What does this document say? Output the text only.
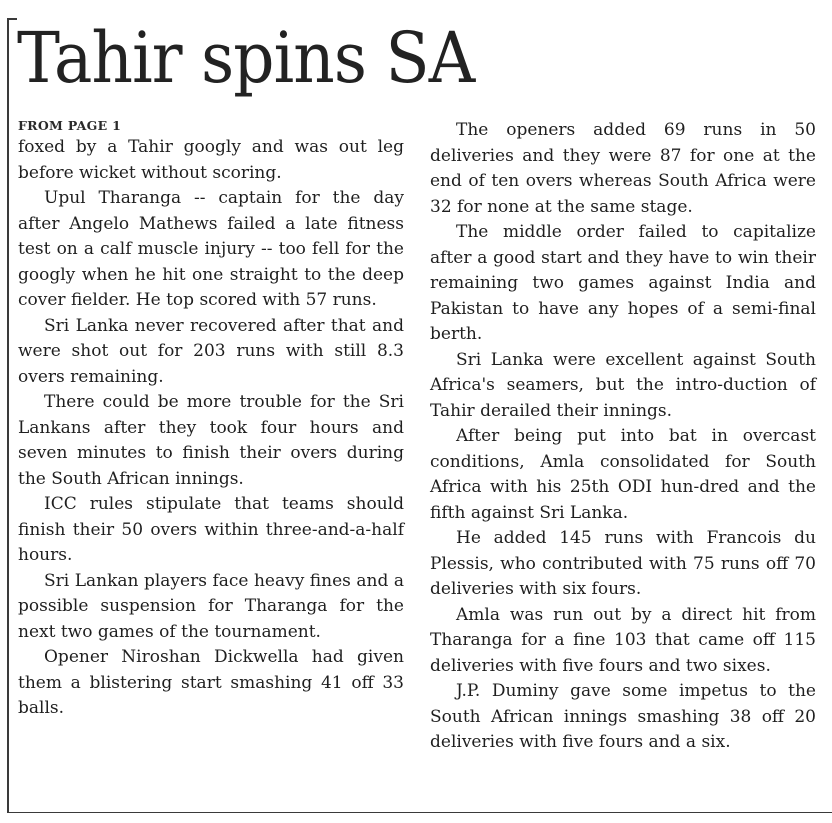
Tahir spins SA
FROM PAGE 1

foxed by a Tahir googly and was out leg before wicket without scoring.

Upul Tharanga -- captain for the day after Angelo Mathews failed a late fitness test on a calf muscle injury -- too fell for the googly when he hit one straight to the deep cover fielder. He top scored with 57 runs.

Sri Lanka never recovered after that and were shot out for 203 runs with still 8.3 overs remaining.

There could be more trouble for the Sri Lankans after they took four hours and seven minutes to finish their overs during the South African innings.

ICC rules stipulate that teams should finish their 50 overs within three-and-a-half hours.

Sri Lankan players face heavy fines and a possible suspension for Tharanga for the next two games of the tournament.

Opener Niroshan Dickwella had given them a blistering start smashing 41 off 33 balls.

The openers added 69 runs in 50 deliveries and they were 87 for one at the end of ten overs whereas South Africa were 32 for none at the same stage.

The middle order failed to capitalize after a good start and they have to win their remaining two games against India and Pakistan to have any hopes of a semi-final berth.

Sri Lanka were excellent against South Africa's seamers, but the intro-duction of Tahir derailed their innings.

After being put into bat in overcast conditions, Amla consolidated for South Africa with his 25th ODI hun-dred and the fifth against Sri Lanka.

He added 145 runs with Francois du Plessis, who contributed with 75 runs off 70 deliveries with six fours.

Amla was run out by a direct hit from Tharanga for a fine 103 that came off 115 deliveries with five fours and two sixes.

J.P. Duminy gave some impetus to the South African innings smashing 38 off 20 deliveries with five fours and a six.
